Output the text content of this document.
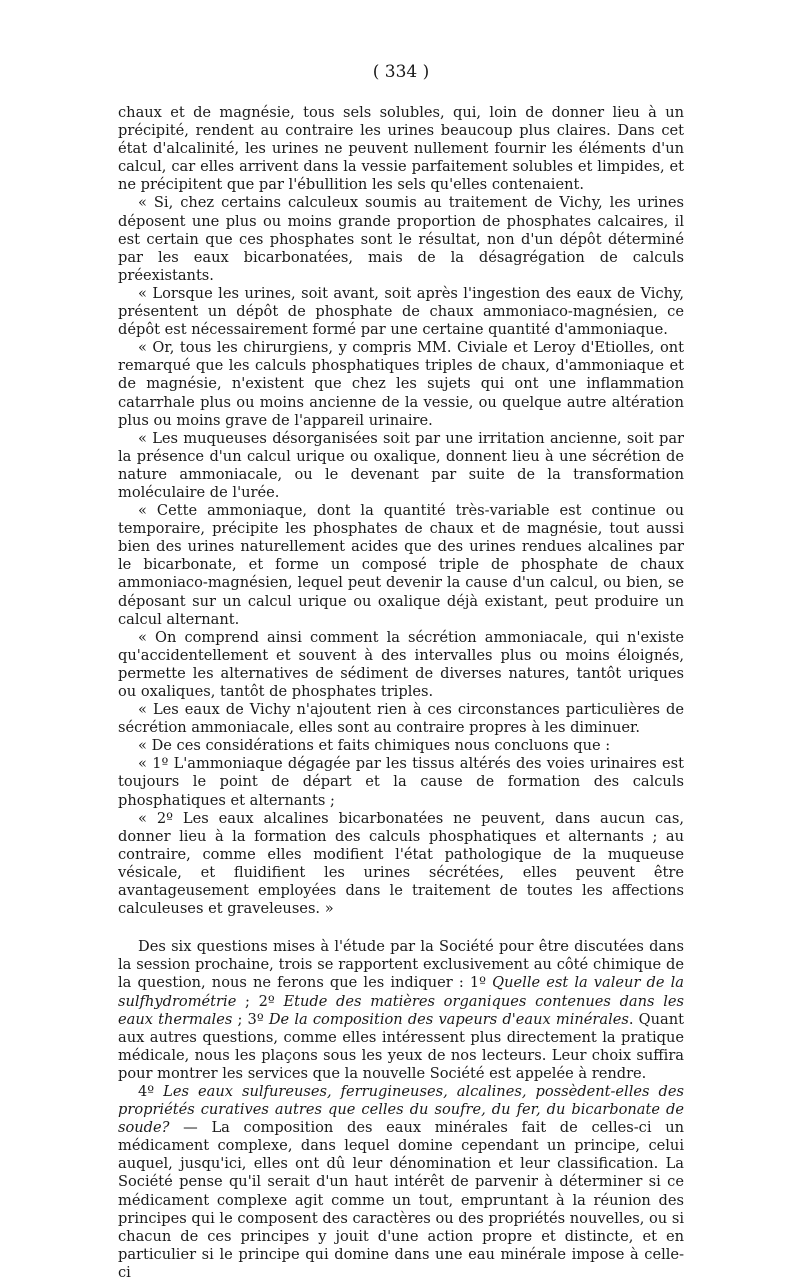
( 334 )

chaux et de magnésie, tous sels solubles, qui, loin de donner lieu à un précipité, rendent au contraire les urines beaucoup plus claires. Dans cet état d'alcalinité, les urines ne peuvent nullement fournir les éléments d'un calcul, car elles arrivent dans la vessie parfaitement solubles et limpides, et ne précipitent que par l'ébullition les sels qu'elles contenaient.

« Si, chez certains calculeux soumis au traitement de Vichy, les urines déposent une plus ou moins grande proportion de phosphates calcaires, il est certain que ces phosphates sont le résultat, non d'un dépôt déterminé par les eaux bicarbonatées, mais de la désagrégation de calculs préexistants.

« Lorsque les urines, soit avant, soit après l'ingestion des eaux de Vichy, présentent un dépôt de phosphate de chaux ammoniaco-magnésien, ce dépôt est nécessairement formé par une certaine quantité d'ammoniaque.

« Or, tous les chirurgiens, y compris MM. Civiale et Leroy d'Etiolles, ont remarqué que les calculs phosphatiques triples de chaux, d'ammoniaque et de magnésie, n'existent que chez les sujets qui ont une inflammation catarrhale plus ou moins ancienne de la vessie, ou quelque autre altération plus ou moins grave de l'appareil urinaire.

« Les muqueuses désorganisées soit par une irritation ancienne, soit par la présence d'un calcul urique ou oxalique, donnent lieu à une sécrétion de nature ammoniacale, ou le devenant par suite de la transformation moléculaire de l'urée.

« Cette ammoniaque, dont la quantité très-variable est continue ou temporaire, précipite les phosphates de chaux et de magnésie, tout aussi bien des urines naturellement acides que des urines rendues alcalines par le bicarbonate, et forme un composé triple de phosphate de chaux ammoniaco-magnésien, lequel peut devenir la cause d'un calcul, ou bien, se déposant sur un calcul urique ou oxalique déjà existant, peut produire un calcul alternant.

« On comprend ainsi comment la sécrétion ammoniacale, qui n'existe qu'accidentellement et souvent à des intervalles plus ou moins éloignés, permette les alternatives de sédiment de diverses natures, tantôt uriques ou oxaliques, tantôt de phosphates triples.

« Les eaux de Vichy n'ajoutent rien à ces circonstances particulières de sécrétion ammoniacale, elles sont au contraire propres à les diminuer.

« De ces considérations et faits chimiques nous concluons que :

« 1º L'ammoniaque dégagée par les tissus altérés des voies urinaires est toujours le point de départ et la cause de formation des calculs phosphatiques et alternants ;

« 2º Les eaux alcalines bicarbonatées ne peuvent, dans aucun cas, donner lieu à la formation des calculs phosphatiques et alternants ; au contraire, comme elles modifient l'état pathologique de la muqueuse vésicale, et fluidifient les urines sécrétées, elles peuvent être avantageusement employées dans le traitement de toutes les affections calculeuses et graveleuses. »

Des six questions mises à l'étude par la Société pour être discutées dans la session prochaine, trois se rapportent exclusivement au côté chimique de la question, nous ne ferons que les indiquer : 1º Quelle est la valeur de la sulfhydrométrie ; 2º Etude des matières organiques contenues dans les eaux thermales ; 3º De la composition des vapeurs d'eaux minérales. Quant aux autres questions, comme elles intéressent plus directement la pratique médicale, nous les plaçons sous les yeux de nos lecteurs. Leur choix suffira pour montrer les services que la nouvelle Société est appelée à rendre.

4º Les eaux sulfureuses, ferrugineuses, alcalines, possèdent-elles des propriétés curatives autres que celles du soufre, du fer, du bicarbonate de soude? — La composition des eaux minérales fait de celles-ci un médicament complexe, dans lequel domine cependant un principe, celui auquel, jusqu'ici, elles ont dû leur dénomination et leur classification. La Société pense qu'il serait d'un haut intérêt de parvenir à déterminer si ce médicament complexe agit comme un tout, empruntant à la réunion des principes qui le composent des caractères ou des propriétés nouvelles, ou si chacun de ces principes y jouit d'une action propre et distincte, et en particulier si le principe qui domine dans une eau minérale impose à celle-ci
